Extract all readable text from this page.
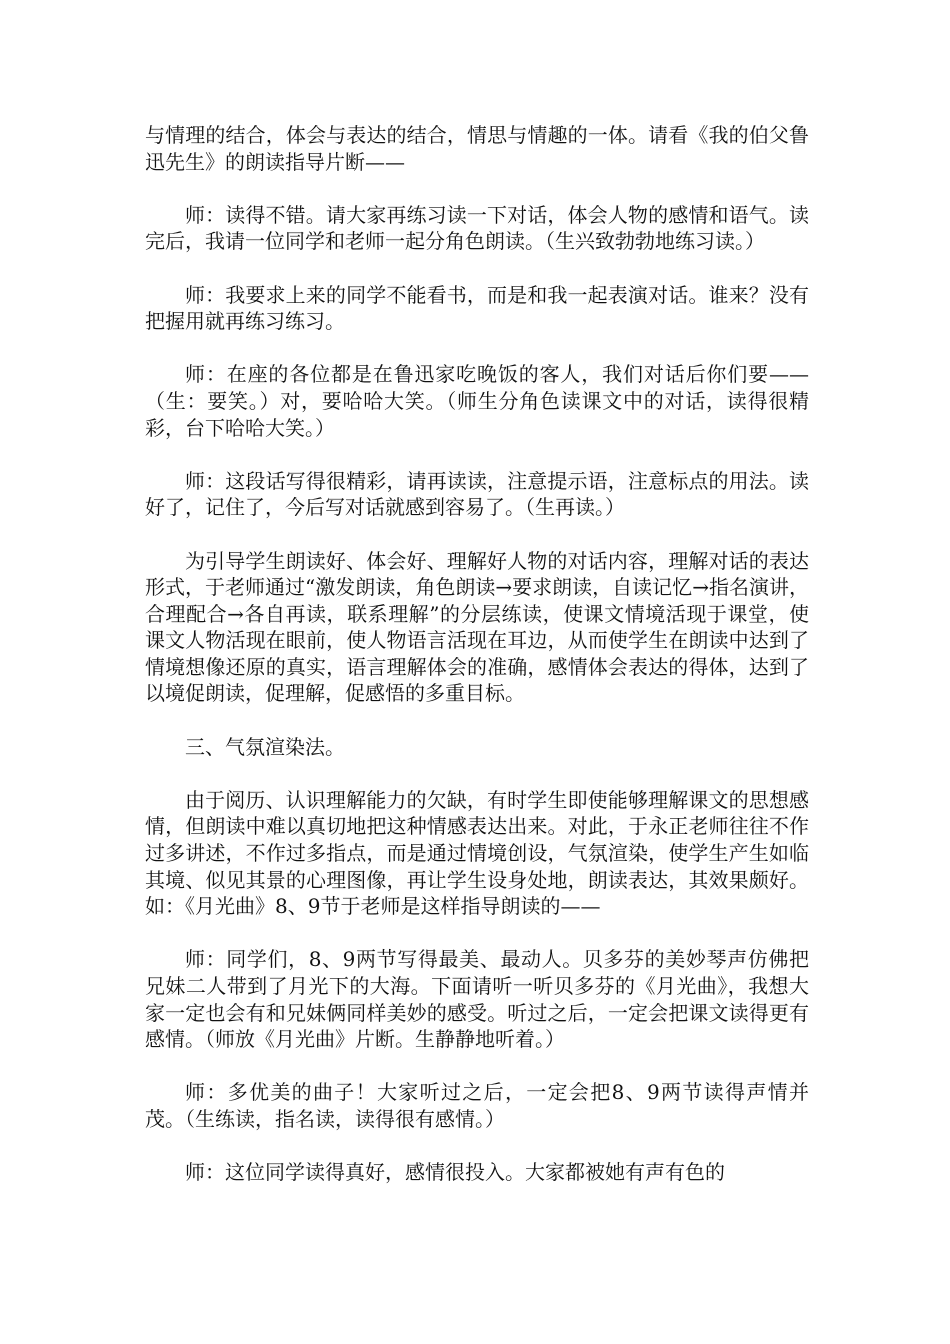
与情理的结合，体会与表达的结合，情思与情趣的一体。请看《我的伯父鲁迅先生》的朗读指导片断——

师：读得不错。请大家再练习读一下对话，体会人物的感情和语气。读完后，我请一位同学和老师一起分角色朗读。（生兴致勃勃地练习读。）

师：我要求上来的同学不能看书，而是和我一起表演对话。谁来？没有把握用就再练习练习。

师：在座的各位都是在鲁迅家吃晚饭的客人，我们对话后你们要——（生：要笑。）对，要哈哈大笑。（师生分角色读课文中的对话，读得很精彩，台下哈哈大笑。）

师：这段话写得很精彩，请再读读，注意提示语，注意标点的用法。读好了，记住了，今后写对话就感到容易了。（生再读。）

为引导学生朗读好、体会好、理解好人物的对话内容，理解对话的表达形式，于老师通过“激发朗读，角色朗读→要求朗读，自读记忆→指名演讲，合理配合→各自再读，联系理解”的分层练读，使课文情境活现于课堂，使课文人物活现在眼前，使人物语言活现在耳边，从而使学生在朗读中达到了情境想像还原的真实，语言理解体会的准确，感情体会表达的得体，达到了以境促朗读，促理解，促感悟的多重目标。

三、气氛渲染法。

由于阅历、认识理解能力的欠缺，有时学生即使能够理解课文的思想感情，但朗读中难以真切地把这种情感表达出来。对此，于永正老师往往不作过多讲述，不作过多指点，而是通过情境创设，气氛渲染，使学生产生如临其境、似见其景的心理图像，再让学生设身处地，朗读表达，其效果颇好。如：《月光曲》8、9节于老师是这样指导朗读的——

师：同学们，8、9两节写得最美、最动人。贝多芬的美妙琴声仿佛把兄妹二人带到了月光下的大海。下面请听一听贝多芬的《月光曲》，我想大家一定也会有和兄妹俩同样美妙的感受。听过之后，一定会把课文读得更有感情。（师放《月光曲》片断。生静静地听着。）

师：多优美的曲子！大家听过之后，一定会把8、9两节读得声情并茂。（生练读，指名读，读得很有感情。）

师：这位同学读得真好，感情很投入。大家都被她有声有色的
